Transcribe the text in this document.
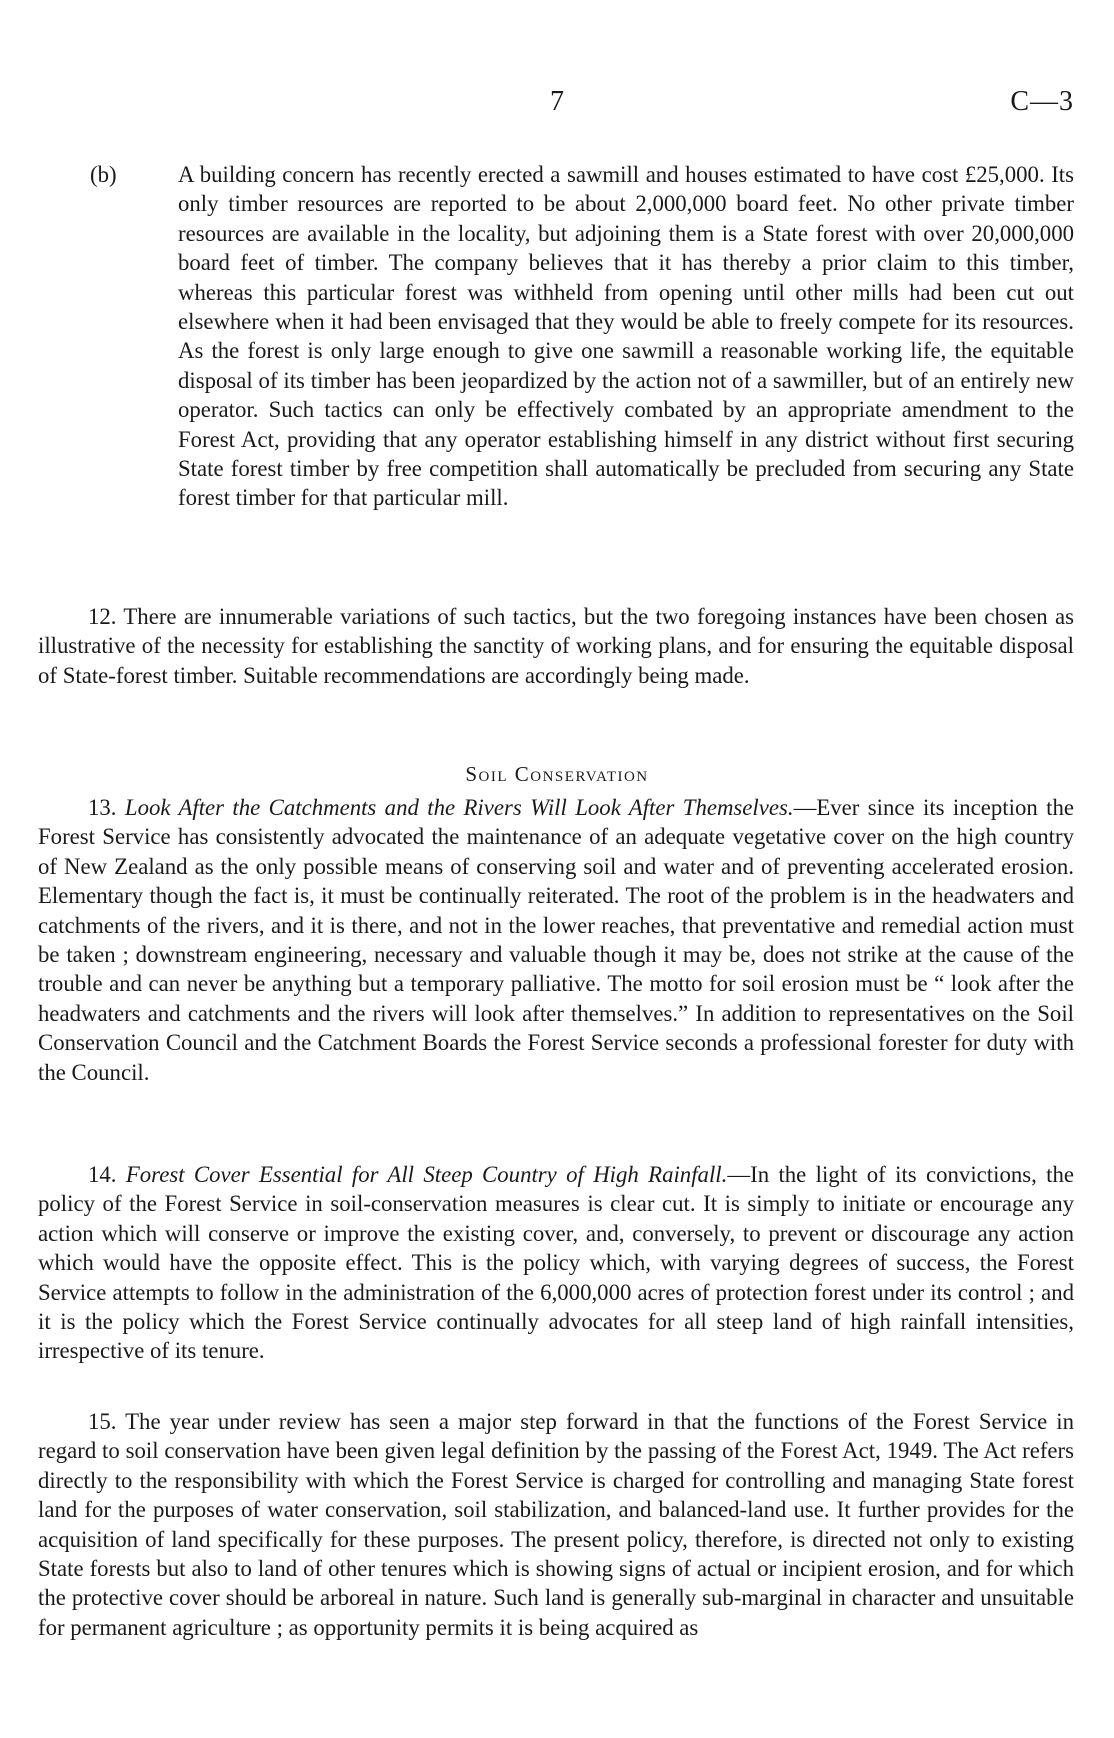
7	C—3
(b)	A building concern has recently erected a sawmill and houses estimated to have cost £25,000. Its only timber resources are reported to be about 2,000,000 board feet. No other private timber resources are available in the locality, but adjoining them is a State forest with over 20,000,000 board feet of timber. The company believes that it has thereby a prior claim to this timber, whereas this particular forest was withheld from opening until other mills had been cut out elsewhere when it had been envisaged that they would be able to freely compete for its resources. As the forest is only large enough to give one sawmill a reasonable working life, the equitable disposal of its timber has been jeopardized by the action not of a sawmiller, but of an entirely new operator. Such tactics can only be effectively combated by an appropriate amendment to the Forest Act, providing that any operator establishing himself in any district without first securing State forest timber by free competition shall automatically be precluded from securing any State forest timber for that particular mill.

12. There are innumerable variations of such tactics, but the two foregoing instances have been chosen as illustrative of the necessity for establishing the sanctity of working plans, and for ensuring the equitable disposal of State-forest timber. Suitable recommendations are accordingly being made.

Soil Conservation

13. Look After the Catchments and the Rivers Will Look After Themselves.—Ever since its inception the Forest Service has consistently advocated the maintenance of an adequate vegetative cover on the high country of New Zealand as the only possible means of conserving soil and water and of preventing accelerated erosion. Elementary though the fact is, it must be continually reiterated. The root of the problem is in the headwaters and catchments of the rivers, and it is there, and not in the lower reaches, that preventative and remedial action must be taken ; downstream engineering, necessary and valuable though it may be, does not strike at the cause of the trouble and can never be anything but a temporary palliative. The motto for soil erosion must be “ look after the headwaters and catchments and the rivers will look after themselves.” In addition to representatives on the Soil Conservation Council and the Catchment Boards the Forest Service seconds a professional forester for duty with the Council.

14. Forest Cover Essential for All Steep Country of High Rainfall.—In the light of its convictions, the policy of the Forest Service in soil-conservation measures is clear cut. It is simply to initiate or encourage any action which will conserve or improve the existing cover, and, conversely, to prevent or discourage any action which would have the opposite effect. This is the policy which, with varying degrees of success, the Forest Service attempts to follow in the administration of the 6,000,000 acres of protection forest under its control ; and it is the policy which the Forest Service continually advocates for all steep land of high rainfall intensities, irrespective of its tenure.

15. The year under review has seen a major step forward in that the functions of the Forest Service in regard to soil conservation have been given legal definition by the passing of the Forest Act, 1949. The Act refers directly to the responsibility with which the Forest Service is charged for controlling and managing State forest land for the purposes of water conservation, soil stabilization, and balanced-land use. It further provides for the acquisition of land specifically for these purposes. The present policy, therefore, is directed not only to existing State forests but also to land of other tenures which is showing signs of actual or incipient erosion, and for which the protective cover should be arboreal in nature. Such land is generally sub-marginal in character and unsuitable for permanent agriculture ; as opportunity permits it is being acquired as
